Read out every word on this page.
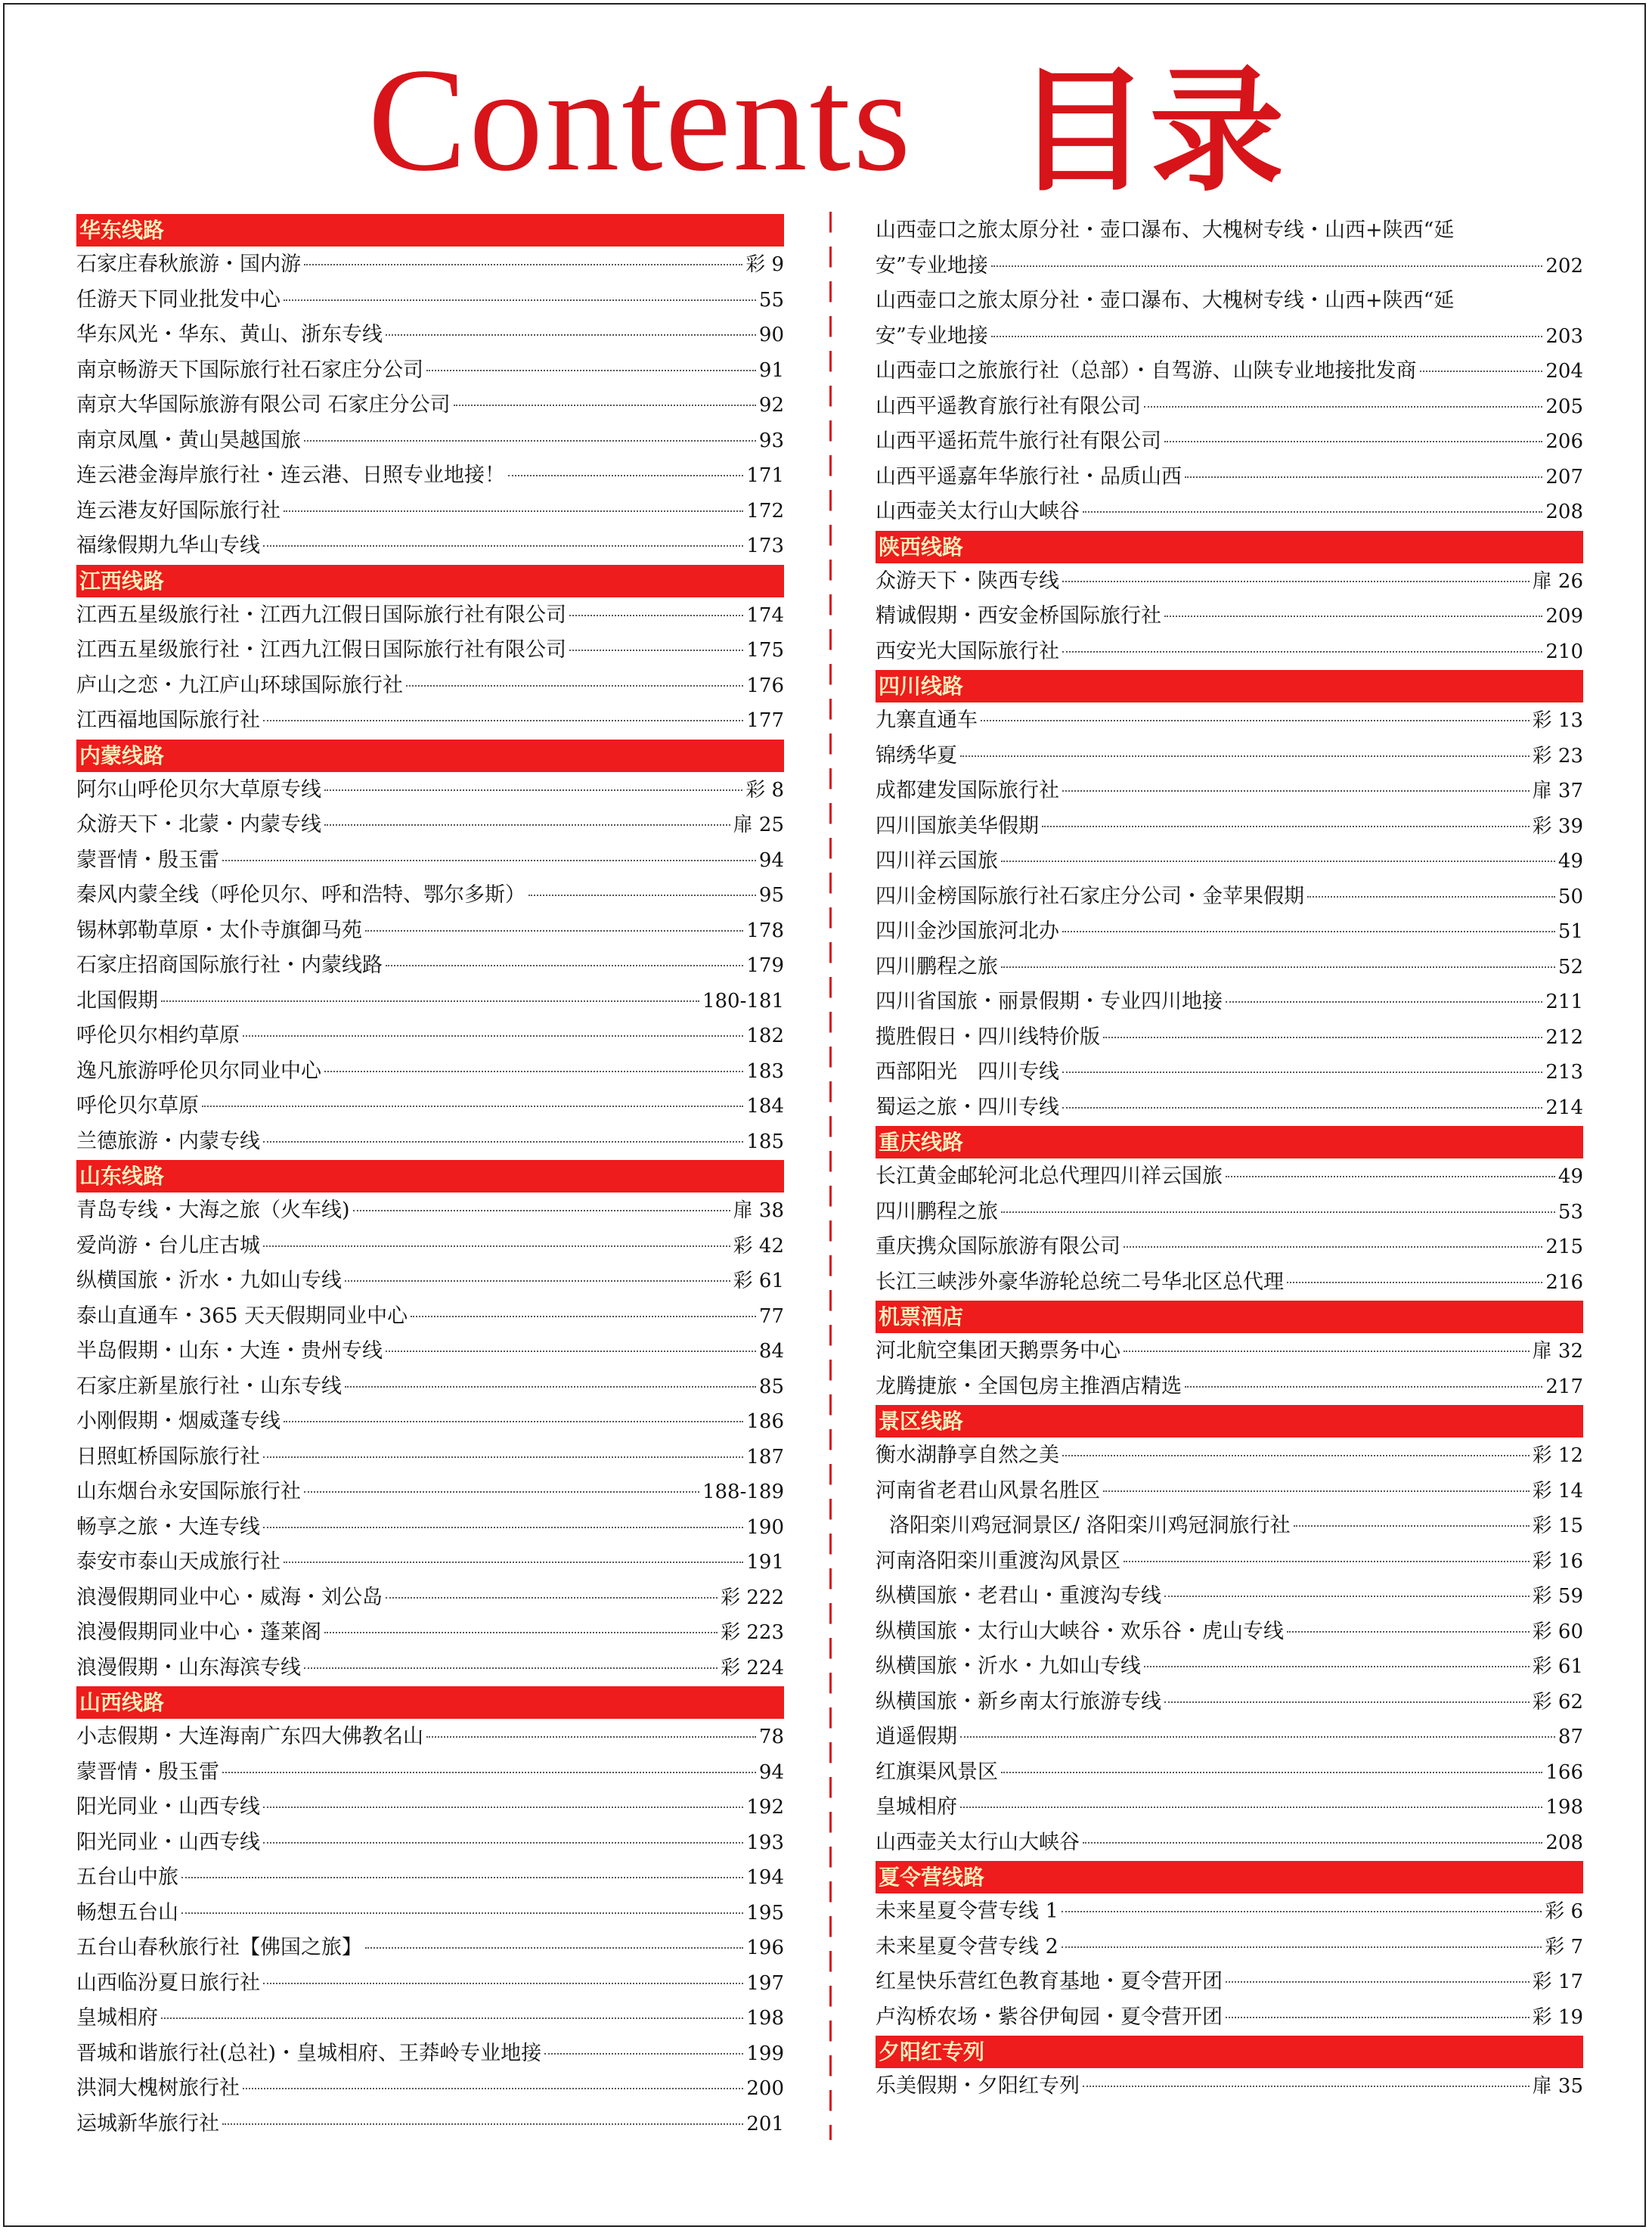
Contents 目录
华东线路
石家庄春秋旅游・国内游	彩 9
任游天下同业批发中心	55
华东风光・华东、黄山、浙东专线	90
南京畅游天下国际旅行社石家庄分公司	91
南京大华国际旅游有限公司 石家庄分公司	92
南京凤凰・黄山昊越国旅	93
连云港金海岸旅行社・连云港、日照专业地接！	171
连云港友好国际旅行社	172
福缘假期九华山专线	173
江西线路
江西五星级旅行社・江西九江假日国际旅行社有限公司	174
江西五星级旅行社・江西九江假日国际旅行社有限公司	175
庐山之恋・九江庐山环球国际旅行社	176
江西福地国际旅行社	177
内蒙线路
阿尔山呼伦贝尔大草原专线	彩 8
众游天下・北蒙・内蒙专线	扉 25
蒙晋情・殷玉雷	94
秦风内蒙全线（呼伦贝尔、呼和浩特、鄂尔多斯）	95
锡林郭勒草原・太仆寺旗御马苑	178
石家庄招商国际旅行社・内蒙线路	179
北国假期	180-181
呼伦贝尔相约草原	182
逸凡旅游呼伦贝尔同业中心	183
呼伦贝尔草原	184
兰德旅游・内蒙专线	185
山东线路
青岛专线・大海之旅（火车线)	扉 38
爱尚游・台儿庄古城	彩 42
纵横国旅・沂水・九如山专线	彩 61
泰山直通车・365 天天假期同业中心	77
半岛假期・山东・大连・贵州专线	84
石家庄新星旅行社・山东专线	85
小刚假期・烟威蓬专线	186
日照虹桥国际旅行社	187
山东烟台永安国际旅行社	188-189
畅享之旅・大连专线	190
泰安市泰山天成旅行社	191
浪漫假期同业中心・威海・刘公岛	彩 222
浪漫假期同业中心・蓬莱阁	彩 223
浪漫假期・山东海滨专线	彩 224
山西线路
小志假期・大连海南广东四大佛教名山	78
蒙晋情・殷玉雷	94
阳光同业・山西专线	192
阳光同业・山西专线	193
五台山中旅	194
畅想五台山	195
五台山春秋旅行社【佛国之旅】	196
山西临汾夏日旅行社	197
皇城相府	198
晋城和谐旅行社(总社)・皇城相府、王莽岭专业地接	199
洪洞大槐树旅行社	200
运城新华旅行社	201
山西壶口之旅太原分社・壶口瀑布、大槐树专线・山西+陕西“延
安”专业地接	202
山西壶口之旅太原分社・壶口瀑布、大槐树专线・山西+陕西“延
安”专业地接	203
山西壶口之旅旅行社（总部）・自驾游、山陕专业地接批发商	204
山西平遥教育旅行社有限公司	205
山西平遥拓荒牛旅行社有限公司	206
山西平遥嘉年华旅行社・品质山西	207
山西壶关太行山大峡谷	208
陕西线路
众游天下・陕西专线	扉 26
精诚假期・西安金桥国际旅行社	209
西安光大国际旅行社	210
四川线路
九寨直通车	彩 13
锦绣华夏	彩 23
成都建发国际旅行社	扉 37
四川国旅美华假期	彩 39
四川祥云国旅	49
四川金榜国际旅行社石家庄分公司・金苹果假期	50
四川金沙国旅河北办	51
四川鹏程之旅	52
四川省国旅・丽景假期・专业四川地接	211
揽胜假日・四川线特价版	212
西部阳光　四川专线	213
蜀运之旅・四川专线	214
重庆线路
长江黄金邮轮河北总代理四川祥云国旅	49
四川鹏程之旅	53
重庆携众国际旅游有限公司	215
长江三峡涉外豪华游轮总统二号华北区总代理	216
机票酒店
河北航空集团天鹅票务中心	扉 32
龙腾捷旅・全国包房主推酒店精选	217
景区线路
衡水湖静享自然之美	彩 12
河南省老君山风景名胜区	彩 14
洛阳栾川鸡冠洞景区/ 洛阳栾川鸡冠洞旅行社	彩 15
河南洛阳栾川重渡沟风景区	彩 16
纵横国旅・老君山・重渡沟专线	彩 59
纵横国旅・太行山大峡谷・欢乐谷・虎山专线	彩 60
纵横国旅・沂水・九如山专线	彩 61
纵横国旅・新乡南太行旅游专线	彩 62
逍遥假期	87
红旗渠风景区	166
皇城相府	198
山西壶关太行山大峡谷	208
夏令营线路
未来星夏令营专线 1	彩 6
未来星夏令营专线 2	彩 7
红星快乐营红色教育基地・夏令营开团	彩 17
卢沟桥农场・紫谷伊甸园・夏令营开团	彩 19
夕阳红专列
乐美假期・夕阳红专列	扉 35
